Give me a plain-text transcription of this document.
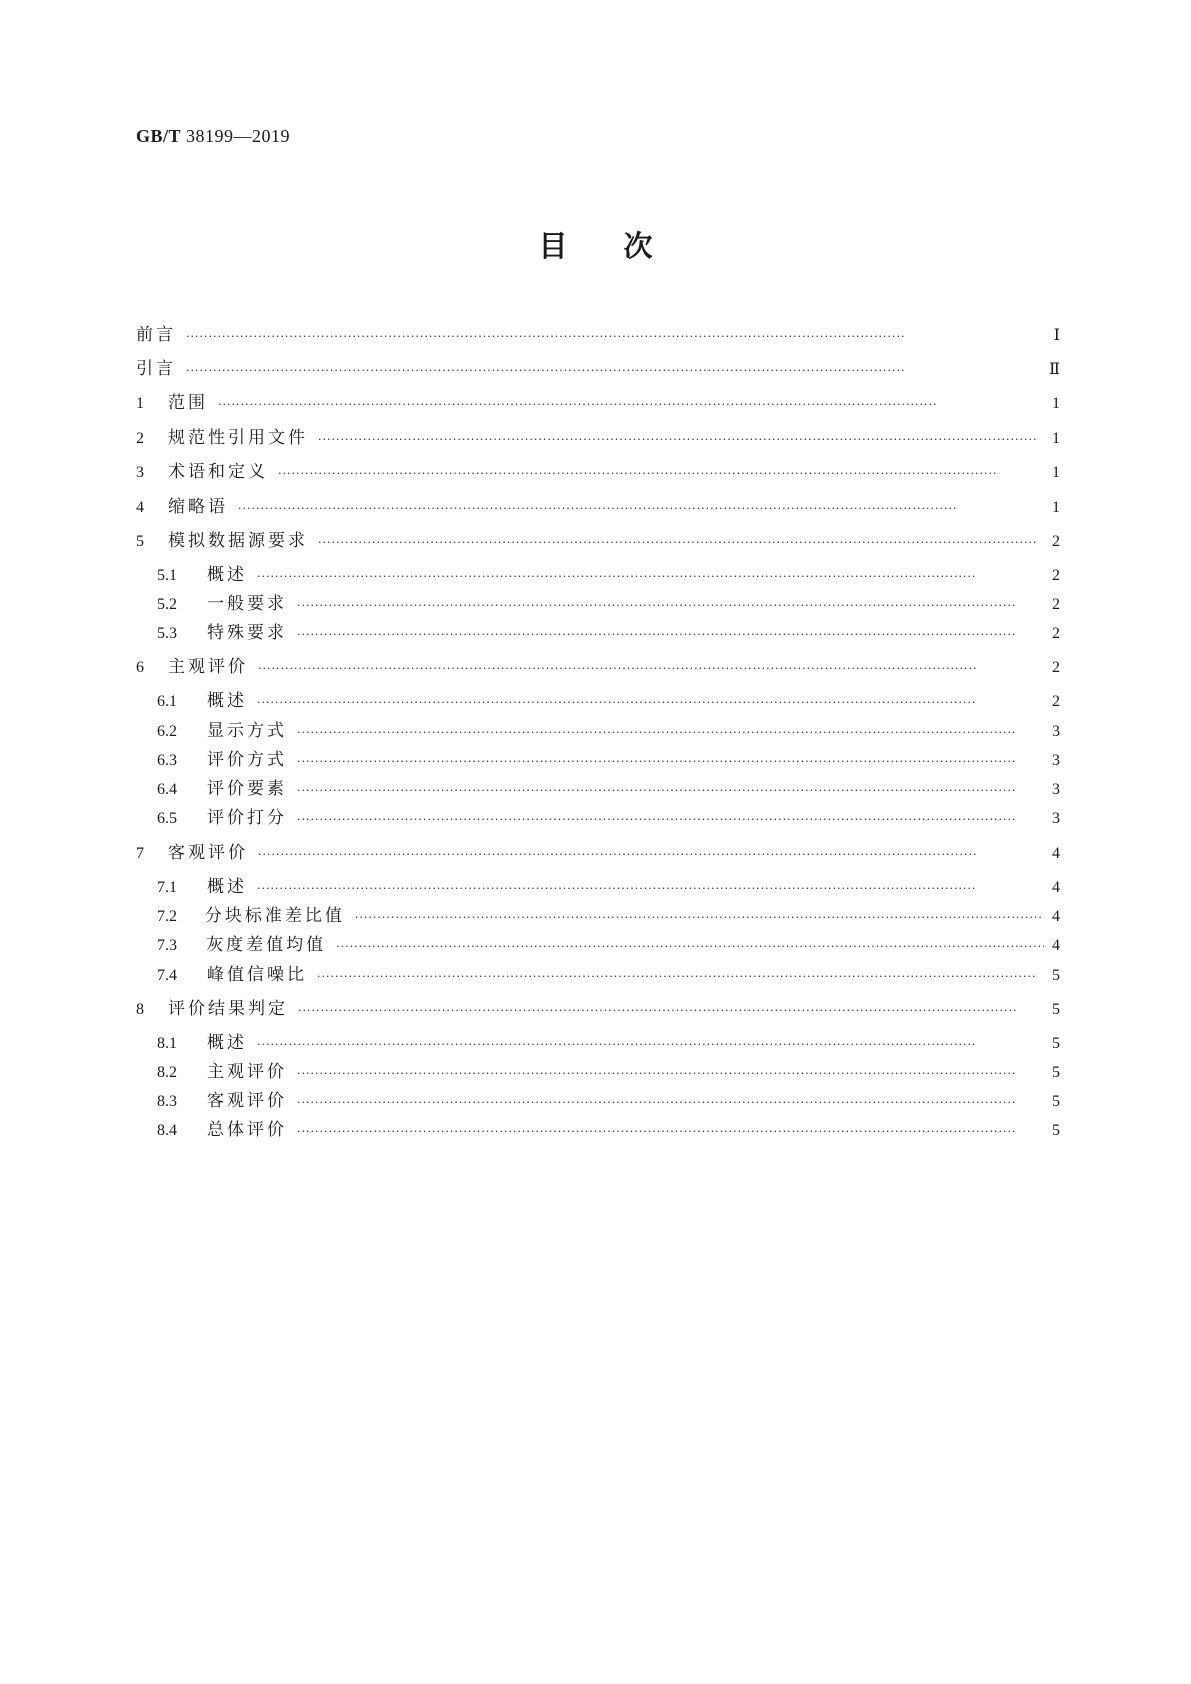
GB/T 38199—2019
目次
前言 ·····	Ⅰ
引言 ·····	Ⅱ
1	范围 ·····	1
2	规范性引用文件 ·····	1
3	术语和定义 ·····	1
4	缩略语 ·····	1
5	模拟数据源要求 ·····	2
5.1	概述 ·····	2
5.2	一般要求 ·····	2
5.3	特殊要求 ·····	2
6	主观评价 ·····	2
6.1	概述 ·····	2
6.2	显示方式 ·····	3
6.3	评价方式 ·····	3
6.4	评价要素 ·····	3
6.5	评价打分 ·····	3
7	客观评价 ·····	4
7.1	概述 ·····	4
7.2	分块标准差比值 ·····	4
7.3	灰度差值均值 ·····	4
7.4	峰值信噪比 ·····	5
8	评价结果判定 ·····	5
8.1	概述 ·····	5
8.2	主观评价 ·····	5
8.3	客观评价 ·····	5
8.4	总体评价 ·····	5
